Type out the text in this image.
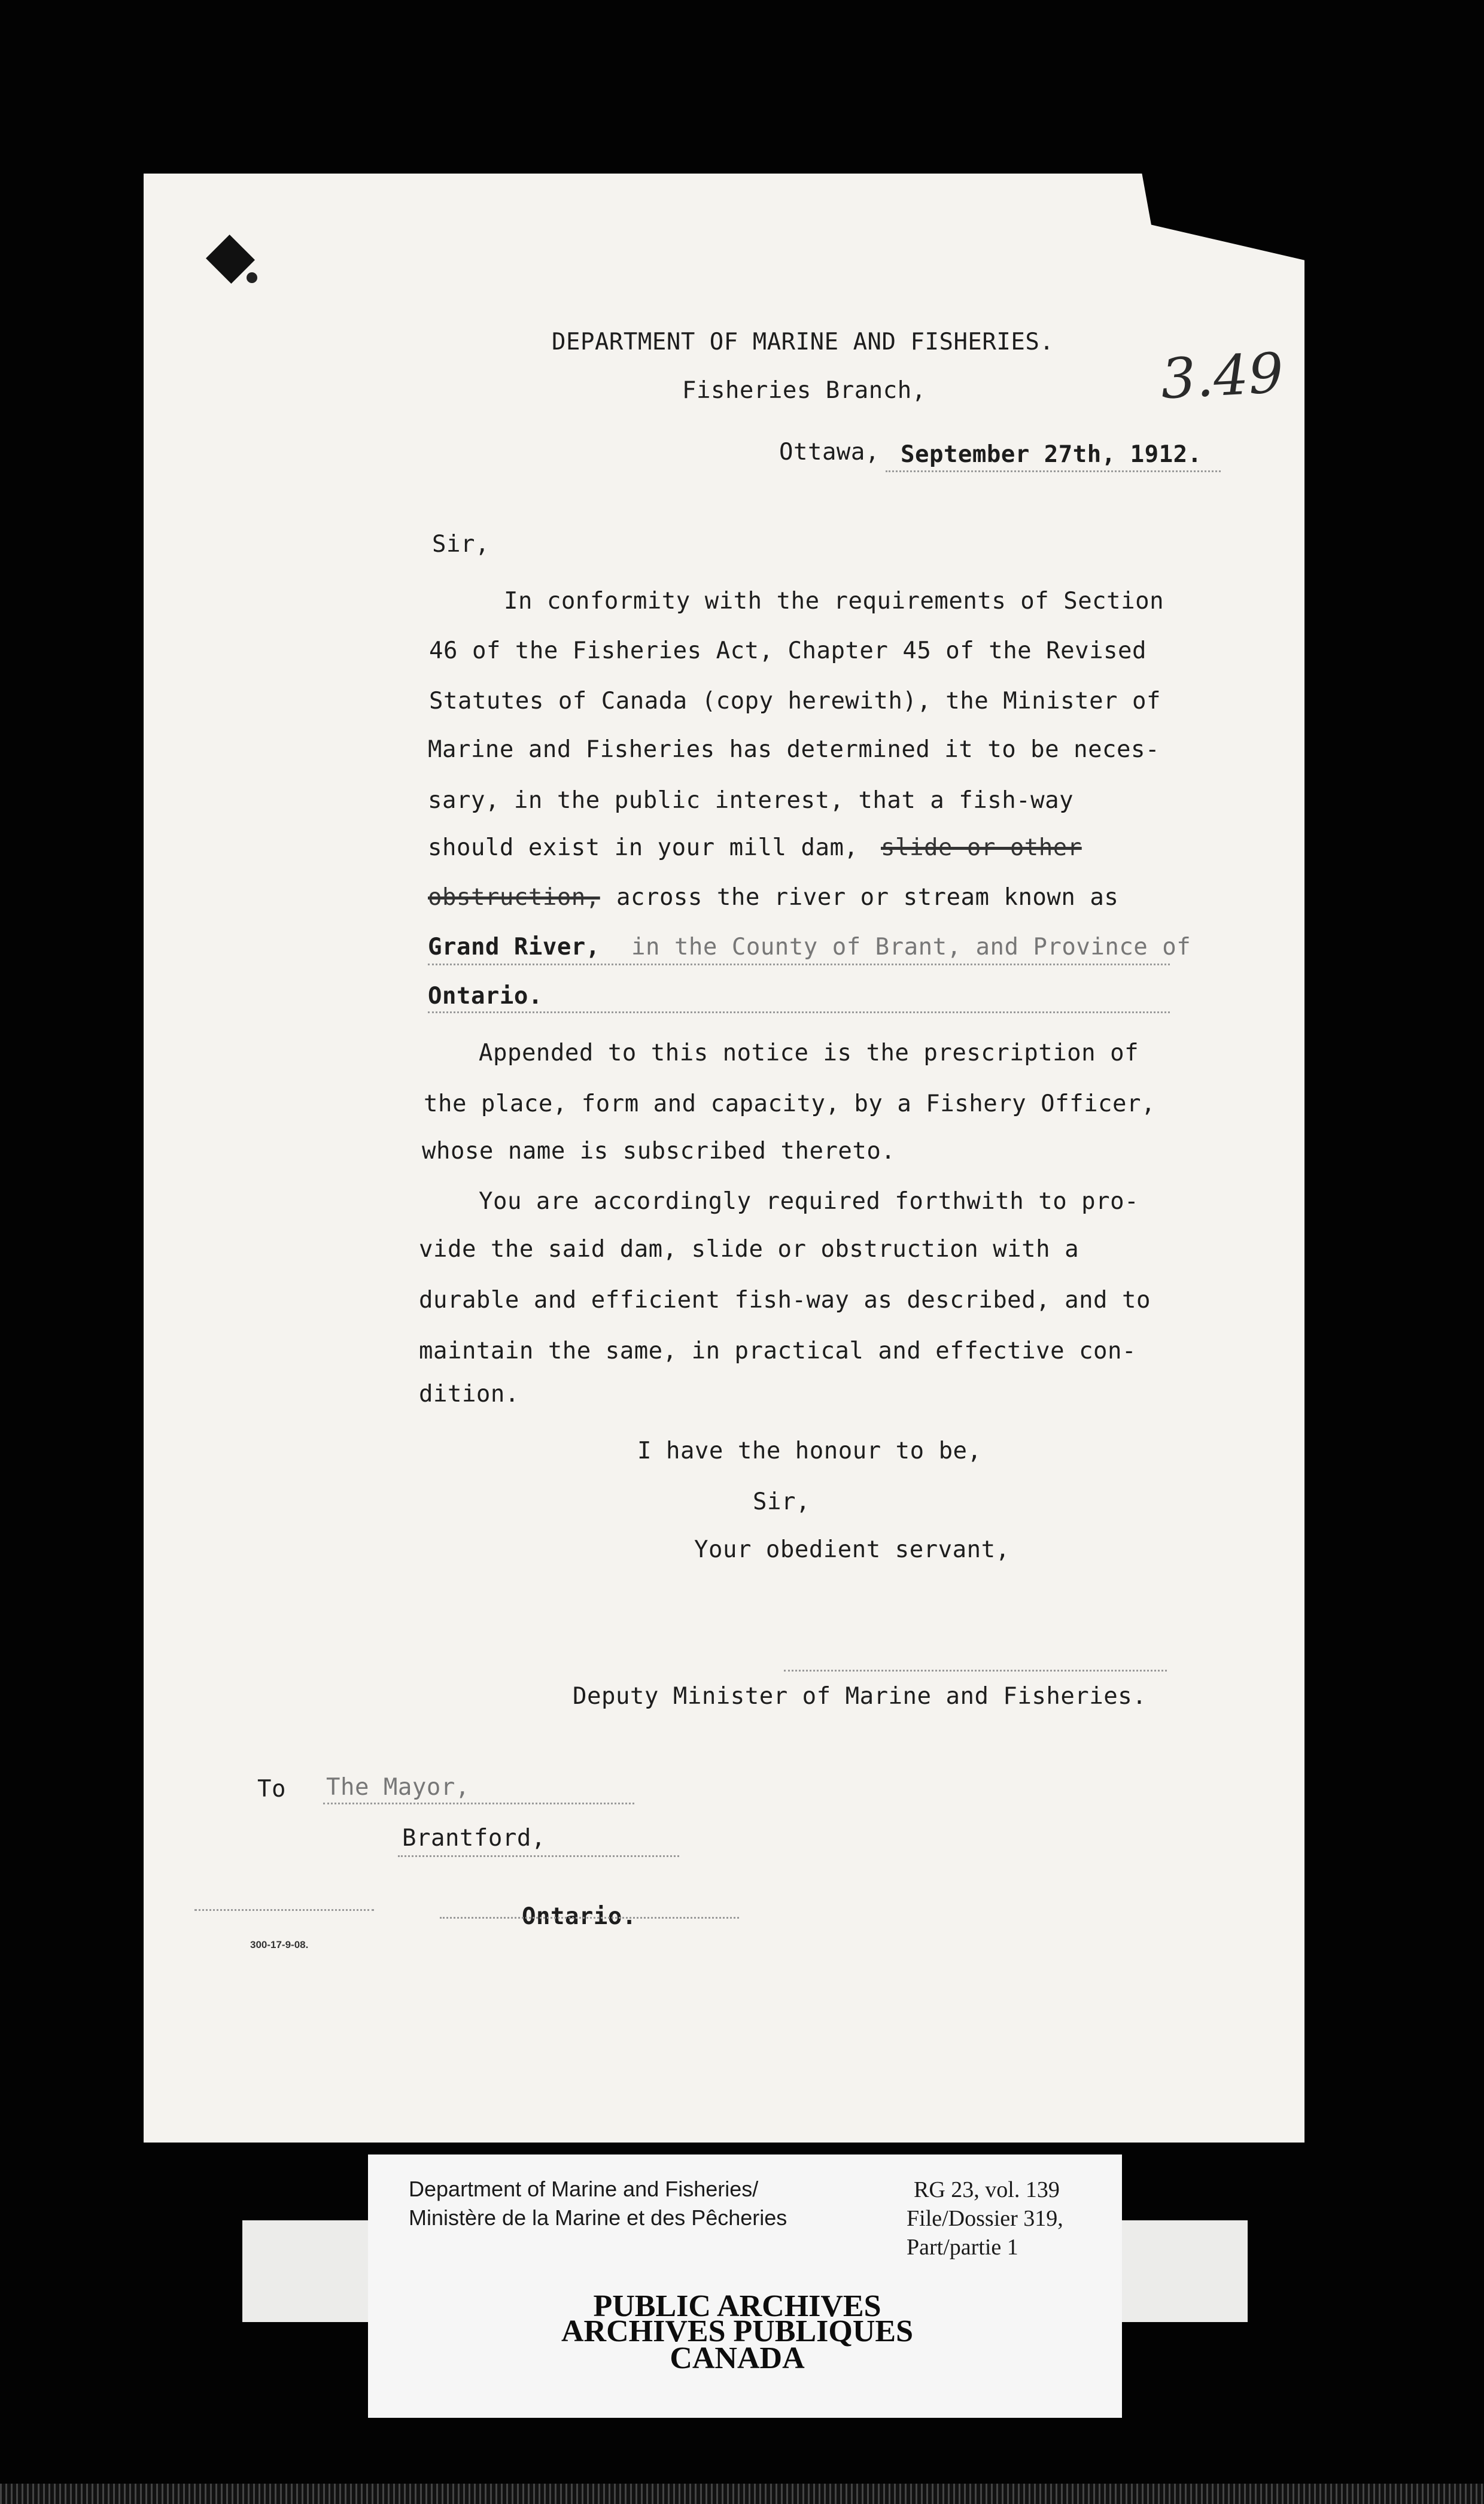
DEPARTMENT OF MARINE AND FISHERIES.
Fisheries Branch,	3.49
Ottawa, September 27th, 1912.
Sir,
In conformity with the requirements of Section
46 of the Fisheries Act, Chapter 45 of the Revised
Statutes of Canada (copy herewith), the Minister of
Marine and Fisheries has determined it to be neces-
sary, in the public interest, that a fish-way
should exist in your mill dam, slide or other
obstruction, across the river or stream known as
Grand River, in the County of Brant, and Province of
Ontario.
Appended to this notice is the prescription of
the place, form and capacity, by a Fishery Officer,
whose name is subscribed thereto.
You are accordingly required forthwith to pro-
vide the said dam, slide or obstruction with a
durable and efficient fish-way as described, and to
maintain the same, in practical and effective con-
dition.
I have the honour to be,
Sir,
Your obedient servant,
Deputy Minister of Marine and Fisheries.
To The Mayor,
Brantford,
Ontario.
300-17-9-08.
Department of Marine and Fisheries/
Ministère de la Marine et des Pêcheries
RG 23, vol. 139
File/Dossier 319,
Part/partie 1
PUBLIC ARCHIVES
ARCHIVES PUBLIQUES
CANADA
